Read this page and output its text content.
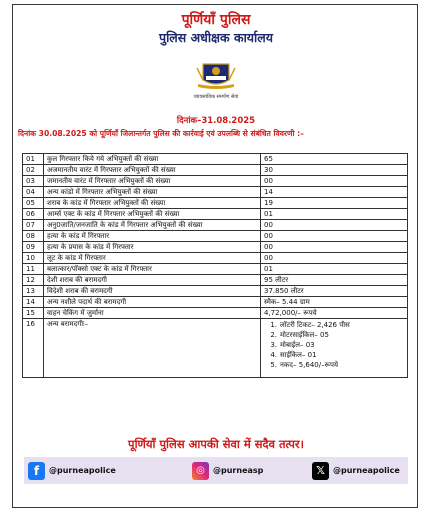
पूर्णियाँ पुलिस
पुलिस अधीक्षक कार्यालय
व्यावसायिक समर्पण सेवा
दिनांक–31.08.2025
दिनांक 30.08.2025 को पूर्णियाँ जिलान्तर्गत पुलिस की कार्रवाई एवं उपलब्धि से संबंधित विवरणी :–
01	कुल गिरफ्तार किये गये अभियुक्तों की संख्या	65
02	अजमानतीय वारंट में गिरफ्तार अभियुक्तों की संख्या	30
03	जमानतीय वारंट में गिरफ्तार अभियुक्तों की संख्या	00
04	अन्य कांडो में गिरफ्तार अभियुक्तों की संख्या	14
05	शराब के कांड में गिरफ्तार अभियुक्तों की संख्या	19
06	आर्म्स एक्ट के कांड में गिरफ्तार अभियुक्तों की संख्या	01
07	अनु0जाति/जनजाति के कांड में गिरफ्तार अभियुक्तों की संख्या	00
08	हत्या के कांड में गिरफ्तार	00
09	हत्या के प्रयास के कांड में गिरफ्तार	00
10	लूट के कांड में गिरफ्तार	00
11	बलात्कार/पॉक्सो एक्ट के कांड में गिरफ्तार	01
12	देशी शराब की बरामदगी	95 लीटर
13	विदेशी शराब की बरामदगी	37.850 लीटर
14	अन्य नशीले पदार्थ की बरामदगी	स्मैक– 5.44 ग्राम
15	वाहन चेकिंग में जुर्माना	4,72,000/– रूपये
16	अन्य बरामदगीः–	1. लॉटरी टिकट– 2,426 पीस
2. मोटरसाईकिल– 05
3. मोबाईल– 03
4. साईकिल– 01
5. नकद– 5,640/–रूपये
पूर्णियाँ पुलिस आपकी सेवा में सदैव तत्पर।
f	@purneapolice	◎	@purneasp	𝕏	@purneapolice
